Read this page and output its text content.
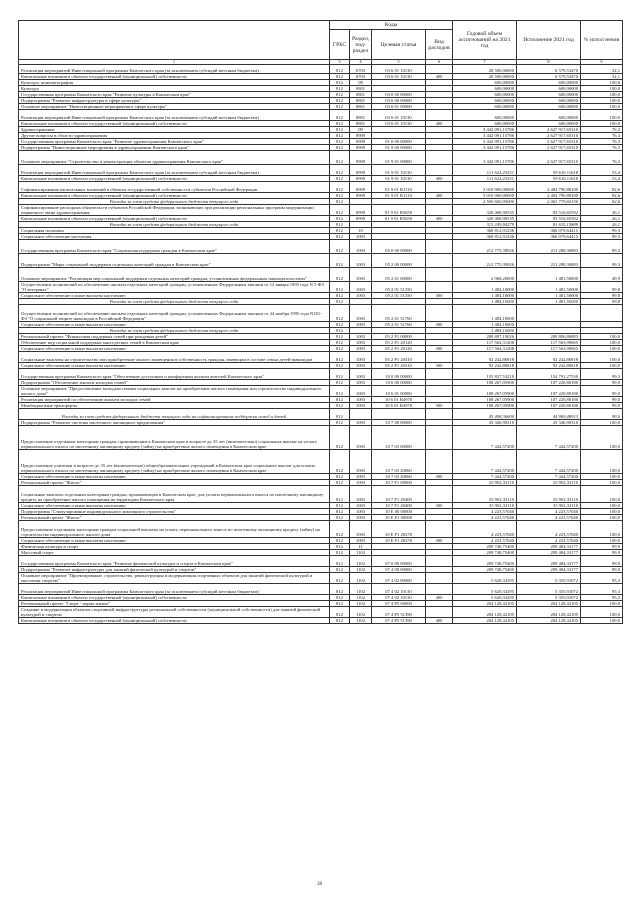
	Коды				Годовой объем ассигнований на 2021 год	Исполнение 2021 год	% испол нения
	ГРБС	Раздел, под-раздел	Целевая статья	Вид расходов			
1	3	4	5	6	7	8	9
Реализация мероприятий Инвестиционной программы Камчатского края (за исключением субсидий местным бюджетам)	812	0703	03 6 01 10130		20 500,00000	6 579,53470	32,1
Капитальные вложения в объекты государственной (муниципальной) собственности	812	0703	03 6 01 10130	400	20 500,00000	6 579,53470	32,1
Культура, кинематография	812	08			600,00000	600,00000	100,0
Культура	812	0801			600,00000	600,00000	100,0
Государственная программа Камчатского края "Развитие культуры в Камчатском крае"	812	0801	03 0 00 00000		600,00000	600,00000	100,0
Подпрограмма "Развитие инфраструктуры в сфере культуры"	812	0801	03 6 00 00000		600,00000	600,00000	100,0
Основное мероприятие "Инвестиционные мероприятия в сфере культуры"	812	0801	03 6 01 00000		600,00000	600,00000	100,0
Реализация мероприятий Инвестиционной программы Камчатского края (за исключением субсидий местным бюджетам)	812	0801	03 6 01 10130		600,00000	600,00000	100,0
Капитальные вложения в объекты государственной (муниципальной) собственности	812	0801	03 6 01 10130	400	600,00000	600,00000	100,0
Здравоохранение	812	09			3 442 091,15786	2 627 917,65310	76,3
Другие вопросы в области здравоохранения	812	0909			3 442 091,15786	2 627 917,65310	76,3
Государственная программа Камчатского края "Развитие здравоохранения Камчатского края"	812	0909	01 0 00 00000		3 442 091,15786	2 627 917,65310	76,3
Подпрограмма "Инвестиционные мероприятия в здравоохранении Камчатского края"	812	0909	01 9 00 00000		3 442 091,15786	2 627 917,65310	76,3
Основное мероприятие "Строительство и реконструкция объектов здравоохранения Камчатского края"	812	0909	01 9 01 00000		3 442 091,15786	2 627 917,65310	76,3
Реализация мероприятий Инвестиционной программы Камчатского края (за исключением субсидий местным бюджетам)	812	0909	01 9 01 10130		111 622,25251	59 610,11618	53,4
Капитальные вложения в объекты государственной (муниципальной) собственности	812	0909	01 9 01 10130	400	111 622,25251	59 610,11618	53,4
Софинансирование капитальных вложений в объекты государственной собственности субъектов Российской Федерации	812	0909	01 9 01 R1110		3 010 000,00000	2 484 790,88100	82,6
Капитальные вложения в объекты государственной (муниципальной) собственности	812	0909	01 9 01 R1110	400	3 010 000,00000	2 484 790,88100	82,6
Расходы за счет средств федерального бюджета текущего года	812				2 500 600,00000	2 063 779,60150	82,6
Софинансирование расходных обязательств субъектов Российской Федерации, возникающих при реализации региональных программ модернизации первичного звена здравоохранения	812	0909	01 9 01 R3650		320 468,90535	83 516,65592	26,1
Капитальные вложения в объекты государственной (муниципальной) собственности	812	0909	01 9 01 R3650	400	320 468,90535	83 516,65592	26,1
Расходы за счет средств федерального бюджета текущего года	812				313 249,94279	81 635,15889	26,1
Социальная политика	812	10			368 812,91236	366 079,64415	99,3
Социальное обеспечение населения	812	1003			368 812,91236	366 079,64415	99,3
Государственная программа Камчатского края "Социальная поддержка граждан в Камчатском крае"	812	1003	05 0 00 00000		212 775,39026	211 288,36883	99,3
Подпрограмма "Меры социальной поддержки отдельных категорий граждан в Камчатском крае"	812	1003	05 2 00 00000		212 775,39026	211 288,36883	99,3
Основное мероприятие "Реализация мер социальной поддержки отдельных категорий граждан, установленных федеральным законодательством"	812	1003	05 2 01 00000		2 968,20000	1 481,50000	49,9
Осуществление полномочий по обеспечению жильем отдельных категорий граждан, установленных Федеральным законом от 12 января 1995 года N 5-ФЗ "О ветеранах"	812	1003	05 2 01 51350		1 484,10000	1 481,50000	99,8
Социальное обеспечение и иные выплаты населению	812	1003	05 2 01 51350	300	1 484,10000	1 481,50000	99,8
Расходы за счет средств федерального бюджета текущего года	812				1 484,10000	1 481,50000	99,8
Осуществление полномочий по обеспечению жильем отдельных категорий граждан, установленных Федеральным законом от 24 ноября 1995 года N181-ФЗ "О социальной защите инвалидов в Российской Федерации"	812	1003	05 2 01 51760		1 484,10000		
Социальное обеспечение и иные выплаты населению	812	1003	05 2 01 51760	300	1 484,10000		
Расходы за счет средств федерального бюджета текущего года	812				1 484,10000		
Региональный проект "Финансовая поддержка семей при рождении детей"	812	1003	05 2 P1 00000		209 807,19026	209 806,86883	100,0
Обеспечение мер социальной поддержки многодетных семей в Камчатском крае	812	1003	05 2 P1 20120		117 564,31208	117 563,99065	100,0
Социальное обеспечение и иные выплаты населению	812	1003	05 2 P1 20120	300	117 564,31208	117 563,99065	100,0
Социальные выплаты на строительство или приобретение жилого помещения в собственность граждан, имеющим в составе семьи детей-инвалидов	812	1003	05 2 P1 20310		92 242,86818	92 242,86818	100,0
Социальное обеспечение и иные выплаты населению	812	1003	05 2 P1 20310	300	92 242,86818	92 242,86818	100,0
Государственная программа Камчатского края "Обеспечение доступным и комфортным жильем жителей Камчатского края"	812	1003	10 0 00 00000		155 837,53210	154 791,27530	99,3
Подпрограмма "Обеспечение жильем молодых семей"	812	1003	10 6 00 00000		108 267,05900	107 220,80180	99,0
Основное мероприятие "Предоставление молодым семьям социальных выплат на приобретение жилого помещения или строительство индивидуального жилого дома"	812	1003	10 6 01 00000		108 267,05900	107 220,80180	99,0
Реализация мероприятий по обеспечению жильем молодых семей	812	1003	10 6 01 R4970		108 267,05900	107 220,80180	99,0
Межбюджетные трансферты	812	1003	10 6 01 R4970	500	108 267,05900	107 220,80180	99,0
Расходы за счет средств федерального бюджета текущего года на софинансирование поддержки семей и детей	812				45 408,36600	44 969,48913	99,0
Подпрограмма "Развитие системы ипотечного жилищного кредитования"	812	1003	10 7 00 00000		43 346,90310	43 346,90310	100,0
Предоставление отдельным категориям граждан, проживающим в Камчатском крае в возрасте до 35 лет (включительно) социальных выплат на уплату первоначального взноса по ипотечному жилищному кредиту (займу) на приобретение жилого помещения в Камчатском крае	812	1003	10 7 03 00000		7 444,57200	7 444,57200	100,0
Предоставление учителям в возрасте до 35 лет (включительно) общеобразовательных учреждений в Камчатском крае социальных выплат для оплаты первоначального взноса по ипотечному жилищному кредиту (займу) на приобретение жилого помещения в Камчатском крае	812	1003	10 7 03 20060		7 444,57200	7 444,57200	100,0
Социальное обеспечение и иные выплаты населению	812	1003	10 7 03 20060	300	7 444,57200	7 444,57200	100,0
Региональный проект "Жилье"	812	1003	10 7 F1 00000		35 902,33110	35 902,33110	100,0
Социальные выплаты отдельным категориям граждан, проживающим в Камчатском крае, для уплаты первоначального взноса по ипотечному жилищному кредиту на приобретение жилого помещения на территории Камчатского края	812	1003	10 7 F1 20400		35 902,33110	35 902,33110	100,0
Социальное обеспечение и иные выплаты населению	812	1003	10 7 F1 20400	300	35 902,33110	35 902,33110	100,0
Подпрограмма "Стимулирование индивидуального жилищного строительства"	812	1003	10 E 00 00000		4 223,57040	4 223,57040	100,0
Региональный проект "Жилье"	812	1003	10 E F1 00000		4 223,57040	4 223,57040	100,0
Предоставление отдельным категориям граждан социальной выплаты на уплату первоначального взноса по ипотечному жилищному кредиту (займу) на строительство индивидуального жилого дома	812	1003	10 E F1 20270		4 223,57040	4 223,57040	100,0
Социальное обеспечение и иные выплаты населению	812	1003	10 E F1 20270	300	4 223,57040	4 223,57040	100,0
Физическая культура и спорт	812	11			209 748,75400	209 484,33177	99,9
Массовый спорт	812	1102			209 748,75400	209 484,33177	99,9
Государственная программа Камчатского края "Развитие физической культуры и спорта в Камчатском крае"	812	1102	07 0 00 00000		209 748,75400	209 484,33177	99,9
Подпрограмма "Развитие инфраструктуры для занятий физической культурой и спортом"	812	1102	07 4 00 00000		209 748,75400	209 484,33177	99,9
Основное мероприятие "Проектирование, строительство, реконструкция и модернизация спортивных объектов для занятий физической культурой и массовым спортом"	812	1102	07 4 02 00000		5 620,33295	5 355,91072	95,3
Реализация мероприятий Инвестиционной программы Камчатского края (за исключением субсидий местным бюджетам)	812	1102	07 4 02 10130		5 620,33295	5 355,91072	95,3
Капитальные вложения в объекты государственной (муниципальной) собственности	812	1102	07 4 02 10130	400	5 620,33295	5 355,91072	95,3
Региональный проект "Спорт - норма жизни"	812	1102	07 4 P5 00000		204 128,42105	204 128,42105	100,0
Создание и модернизация объектов спортивной инфраструктуры региональной собственности (муниципальной собственности) для занятий физической культурой и спортом	812	1102	07 4 P5 51390		204 128,42105	204 128,42105	100,0
Капитальные вложения в объекты государственной (муниципальной) собственности	812	1102	07 4 P5 51390	400	204 128,42105	204 128,42105	100,0
38
